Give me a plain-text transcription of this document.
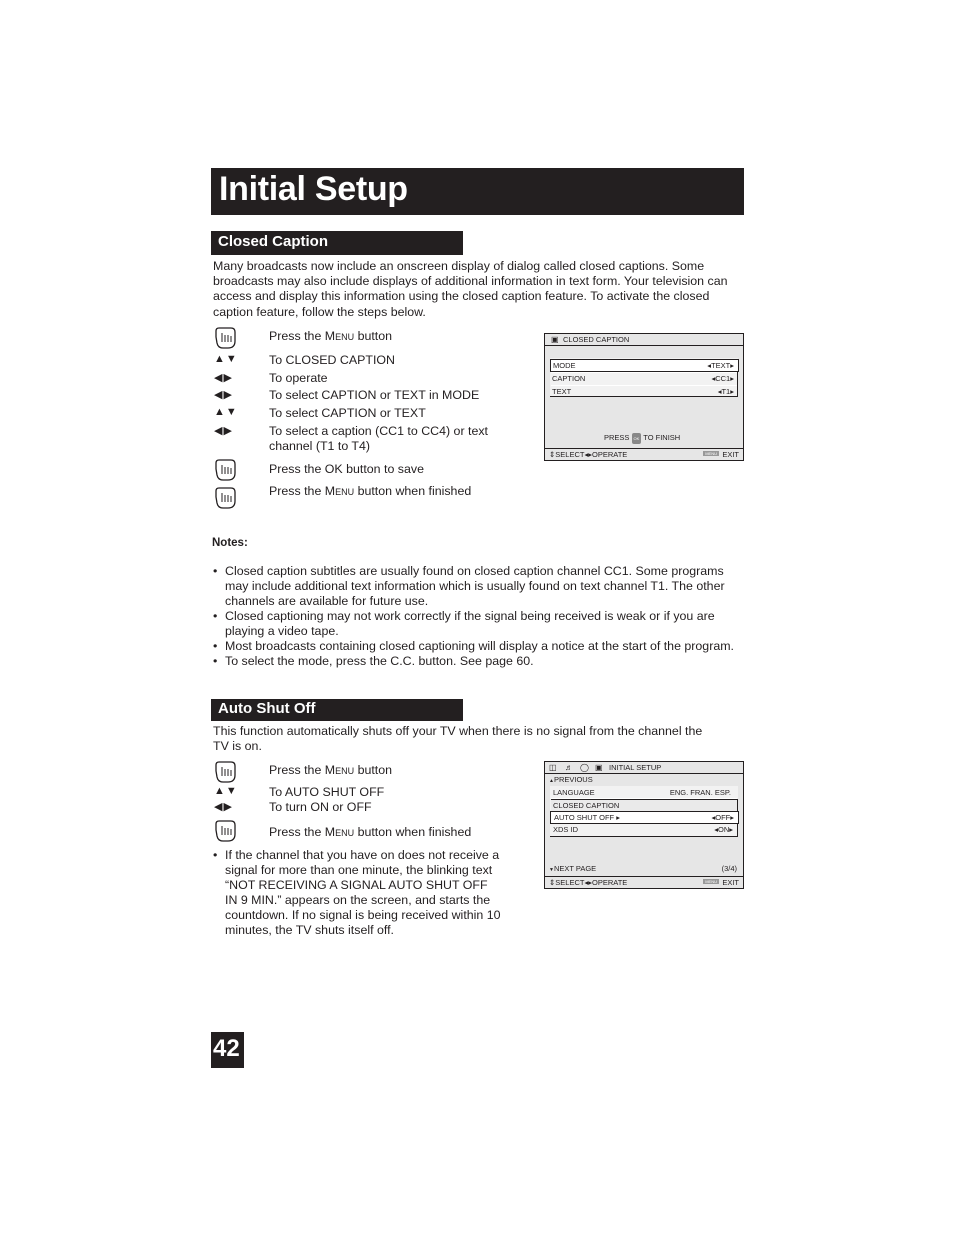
Initial Setup
Closed Caption
Many broadcasts now include an onscreen display of dialog called closed captions. Some
broadcasts may also include displays of additional information in text form. Your television can
access and display this information using the closed caption feature. To activate the closed
caption feature, follow the steps below.
Press the Menu button
▲▼	To CLOSED CAPTION
◀▶	To operate
◀▶	To select CAPTION or TEXT in MODE
▲▼	To select CAPTION or TEXT
◀▶	To select a caption (CC1 to CC4) or text
channel (T1 to T4)
Press the OK button to save
Press the Menu button when finished
▣ CLOSED CAPTION
MODE	◂TEXT▸
CAPTION	◂CC1▸
TEXT	◂T1▸
PRESS OK TO FINISH
⇕SELECT◂▸OPERATE	MENU EXIT
Notes:
• Closed caption subtitles are usually found on closed caption channel CC1. Some programs
may include additional text information which is usually found on text channel T1. The other
channels are available for future use.
• Closed captioning may not work correctly if the signal being received is weak or if you are
playing a video tape.
• Most broadcasts containing closed captioning will display a notice at the start of the program.
• To select the mode, press the C.C. button. See page 60.
Auto Shut Off
This function automatically shuts off your TV when there is no signal from the channel the
TV is on.
Press the Menu button
▲▼	To AUTO SHUT OFF
◀▶	To turn ON or OFF
Press the Menu button when finished
• If the channel that you have on does not receive a
signal for more than one minute, the blinking text
“NOT RECEIVING A SIGNAL AUTO SHUT OFF
IN 9 MIN.” appears on the screen, and starts the
countdown. If no signal is being received within 10
minutes, the TV shuts itself off.
◫ ♬ ◯ ▣ INITIAL SETUP
▲PREVIOUS
LANGUAGE	ENG. FRAN. ESP.
CLOSED CAPTION
AUTO SHUT OFF ▸	◂OFF▸
XDS ID	◂ON▸
▼NEXT PAGE	(3/4)
⇕SELECT◂▸OPERATE	MENU EXIT
42
